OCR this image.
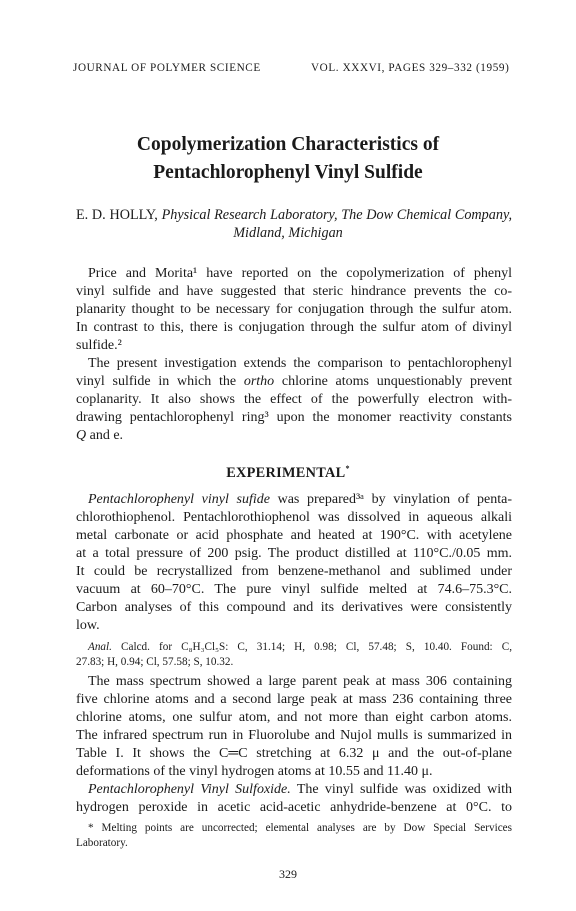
JOURNAL OF POLYMER SCIENCE	VOL. XXXVI, PAGES 329–332 (1959)
Copolymerization Characteristics of
Pentachlorophenyl Vinyl Sulfide
E. D. HOLLY, Physical Research Laboratory, The Dow Chemical Company,
Midland, Michigan
Price and Morita¹ have reported on the copolymerization of phenyl
vinyl sulfide and have suggested that steric hindrance prevents the co-
planarity thought to be necessary for conjugation through the sulfur atom.
In contrast to this, there is conjugation through the sulfur atom of divinyl
sulfide.²
The present investigation extends the comparison to pentachlorophenyl
vinyl sulfide in which the ortho chlorine atoms unquestionably prevent
coplanarity. It also shows the effect of the powerfully electron with-
drawing pentachlorophenyl ring³ upon the monomer reactivity constants
Q and e.
EXPERIMENTAL*
Pentachlorophenyl vinyl sufide was prepared³ᵃ by vinylation of penta-
chlorothiophenol. Pentachlorothiophenol was dissolved in aqueous alkali
metal carbonate or acid phosphate and heated at 190°C. with acetylene
at a total pressure of 200 psig. The product distilled at 110°C./0.05 mm.
It could be recrystallized from benzene-methanol and sublimed under
vacuum at 60–70°C. The pure vinyl sulfide melted at 74.6–75.3°C.
Carbon analyses of this compound and its derivatives were consistently
low.
Anal. Calcd. for C₈H₃Cl₅S: C, 31.14; H, 0.98; Cl, 57.48; S, 10.40. Found: C,
27.83; H, 0.94; Cl, 57.58; S, 10.32.
The mass spectrum showed a large parent peak at mass 306 containing
five chlorine atoms and a second large peak at mass 236 containing three
chlorine atoms, one sulfur atom, and not more than eight carbon atoms.
The infrared spectrum run in Fluorolube and Nujol mulls is summarized in
Table I. It shows the C═C stretching at 6.32 μ and the out-of-plane
deformations of the vinyl hydrogen atoms at 10.55 and 11.40 μ.
Pentachlorophenyl Vinyl Sulfoxide. The vinyl sulfide was oxidized with
hydrogen peroxide in acetic acid-acetic anhydride-benzene at 0°C. to
* Melting points are uncorrected; elemental analyses are by Dow Special Services
Laboratory.
329
